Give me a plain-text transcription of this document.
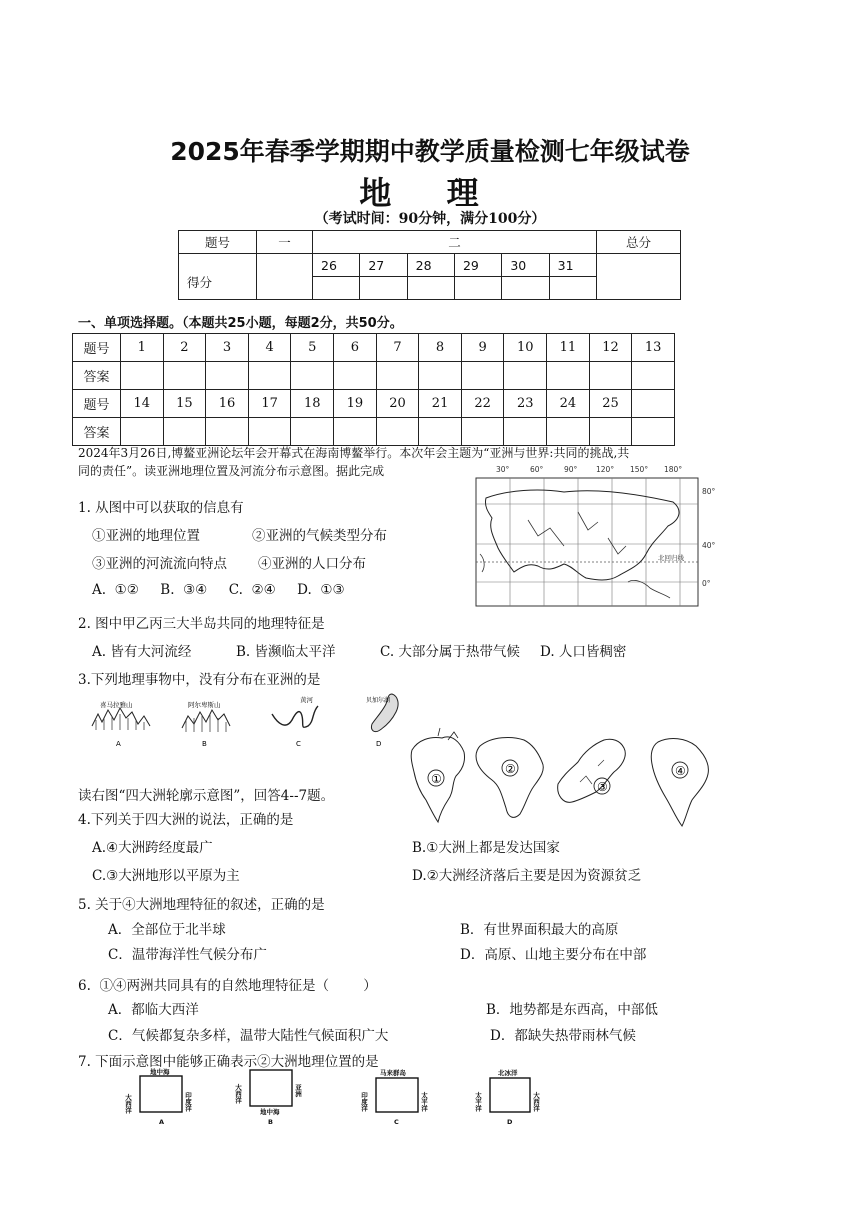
2025年春季学期期中教学质量检测七年级试卷
地 理
（考试时间：90分钟，满分100分）
题号	一	二						总分
得分		26	27	28	29	30	31	

一、单项选择题。（本题共25小题，每题2分，共50分。
题号	1	2	3	4	5	6	7	8	9	10	11	12	13
答案													
题号	14	15	16	17	18	19	20	21	22	23	24	25	
答案													
2024年3月26日,博鳌亚洲论坛年会开幕式在海南博鳌举行。本次年会主题为“亚洲与世界:共同的挑战,共
同的责任”。读亚洲地理位置及河流分布示意图。据此完成	30°	60°	90° 120° 150° 180°
80°
40°
0°
北回归线
1. 从图中可以获取的信息有
①亚洲的地理位置	②亚洲的气候类型分布
③亚洲的河流流向特点 ④亚洲的人口分布
A.  ①②     B.  ③④     C.  ②④     D.  ①③
2. 图中甲乙丙三大半岛共同的地理特征是
A. 皆有大河流经	B. 皆濒临太平洋	C. 大部分属于热带气候 D. 人口皆稠密
3.下列地理事物中，没有分布在亚洲的是
喜马拉雅山
A
阿尔卑斯山
B
黄河
C
贝加尔湖
D
①
②
③
④
读右图“四大洲轮廓示意图”，回答4--7题。
4.下列关于四大洲的说法，正确的是
A.④大洲跨经度最广	B.①大洲上都是发达国家
C.③大洲地形以平原为主	D.②大洲经济落后主要是因为资源贫乏
5. 关于④大洲地理特征的叙述，正确的是
A．全部位于北半球	B．有世界面积最大的高原
C．温带海洋性气候分布广	D．高原、山地主要分布在中部
6.  ①④两洲共同具有的自然地理特征是（        ）
A．都临大西洋	B．地势都是东西高，中部低
C．气候都复杂多样，温带大陆性气候面积广大	D．都缺失热带雨林气候
7. 下面示意图中能够正确表示②大洲地理位置的是
地中海
大西洋	印度洋
A
大西洋	亚洲
地中海
B
马来群岛
印度洋	太平洋
C
北冰洋
太平洋	大西洋
D
